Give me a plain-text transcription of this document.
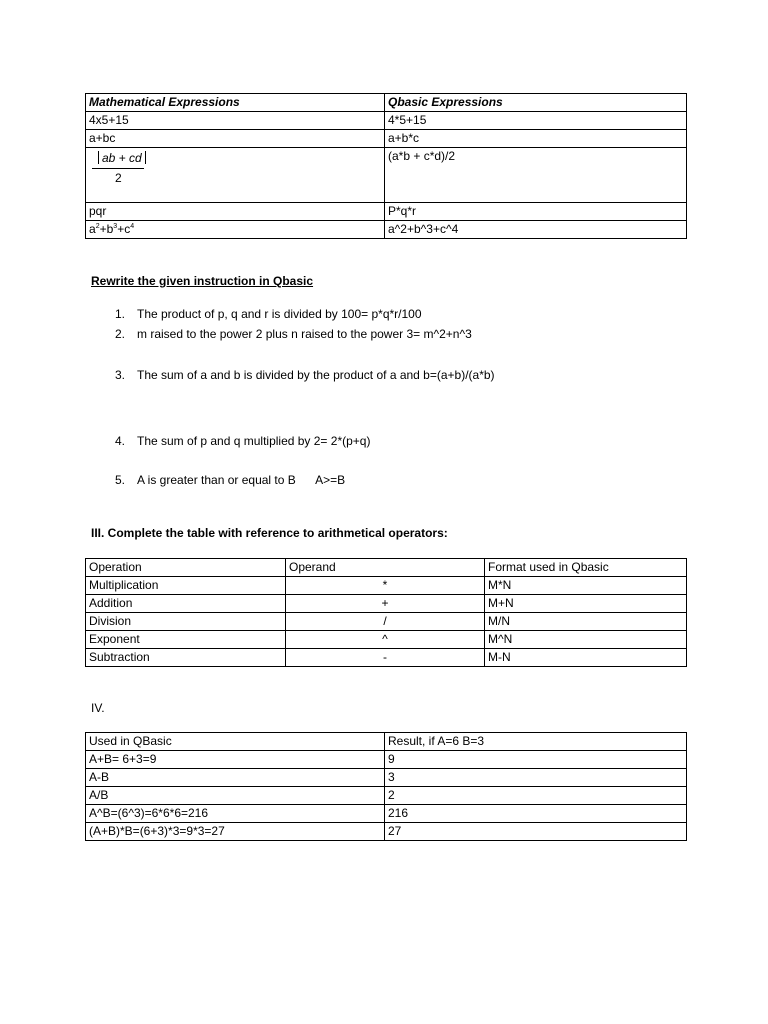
Mathematical Expressions	Qbasic Expressions
4x5+15	4*5+15
a+bc	a+b*c

ab + cd
2	(a*b + c*d)/2
pqr	P*q*r
$a^2+b^3+c^4$	a^2+b^3+c^4
Rewrite the given instruction in Qbasic
1. The product of p, q and r is divided by 100= p*q*r/100
2. m raised to the power 2 plus n raised to the power 3= m^2+n^3
3. The sum of a and b is divided by the product of a and b=(a+b)/(a*b)
4. The sum of p and q multiplied by 2= 2*(p+q)
5. A is greater than or equal to B      A>=B
III. Complete the table with reference to arithmetical operators:
Operation	Operand	Format used in Qbasic
Multiplication	*	M*N
Addition	+	M+N
Division	/	M/N
Exponent	^	M^N
Subtraction	-	M-N
IV.
Used in QBasic	Result, if A=6 B=3
A+B= 6+3=9	9
A-B	3
A/B	2
A^B=(6^3)=6*6*6=216	216
(A+B)*B=(6+3)*3=9*3=27	27
